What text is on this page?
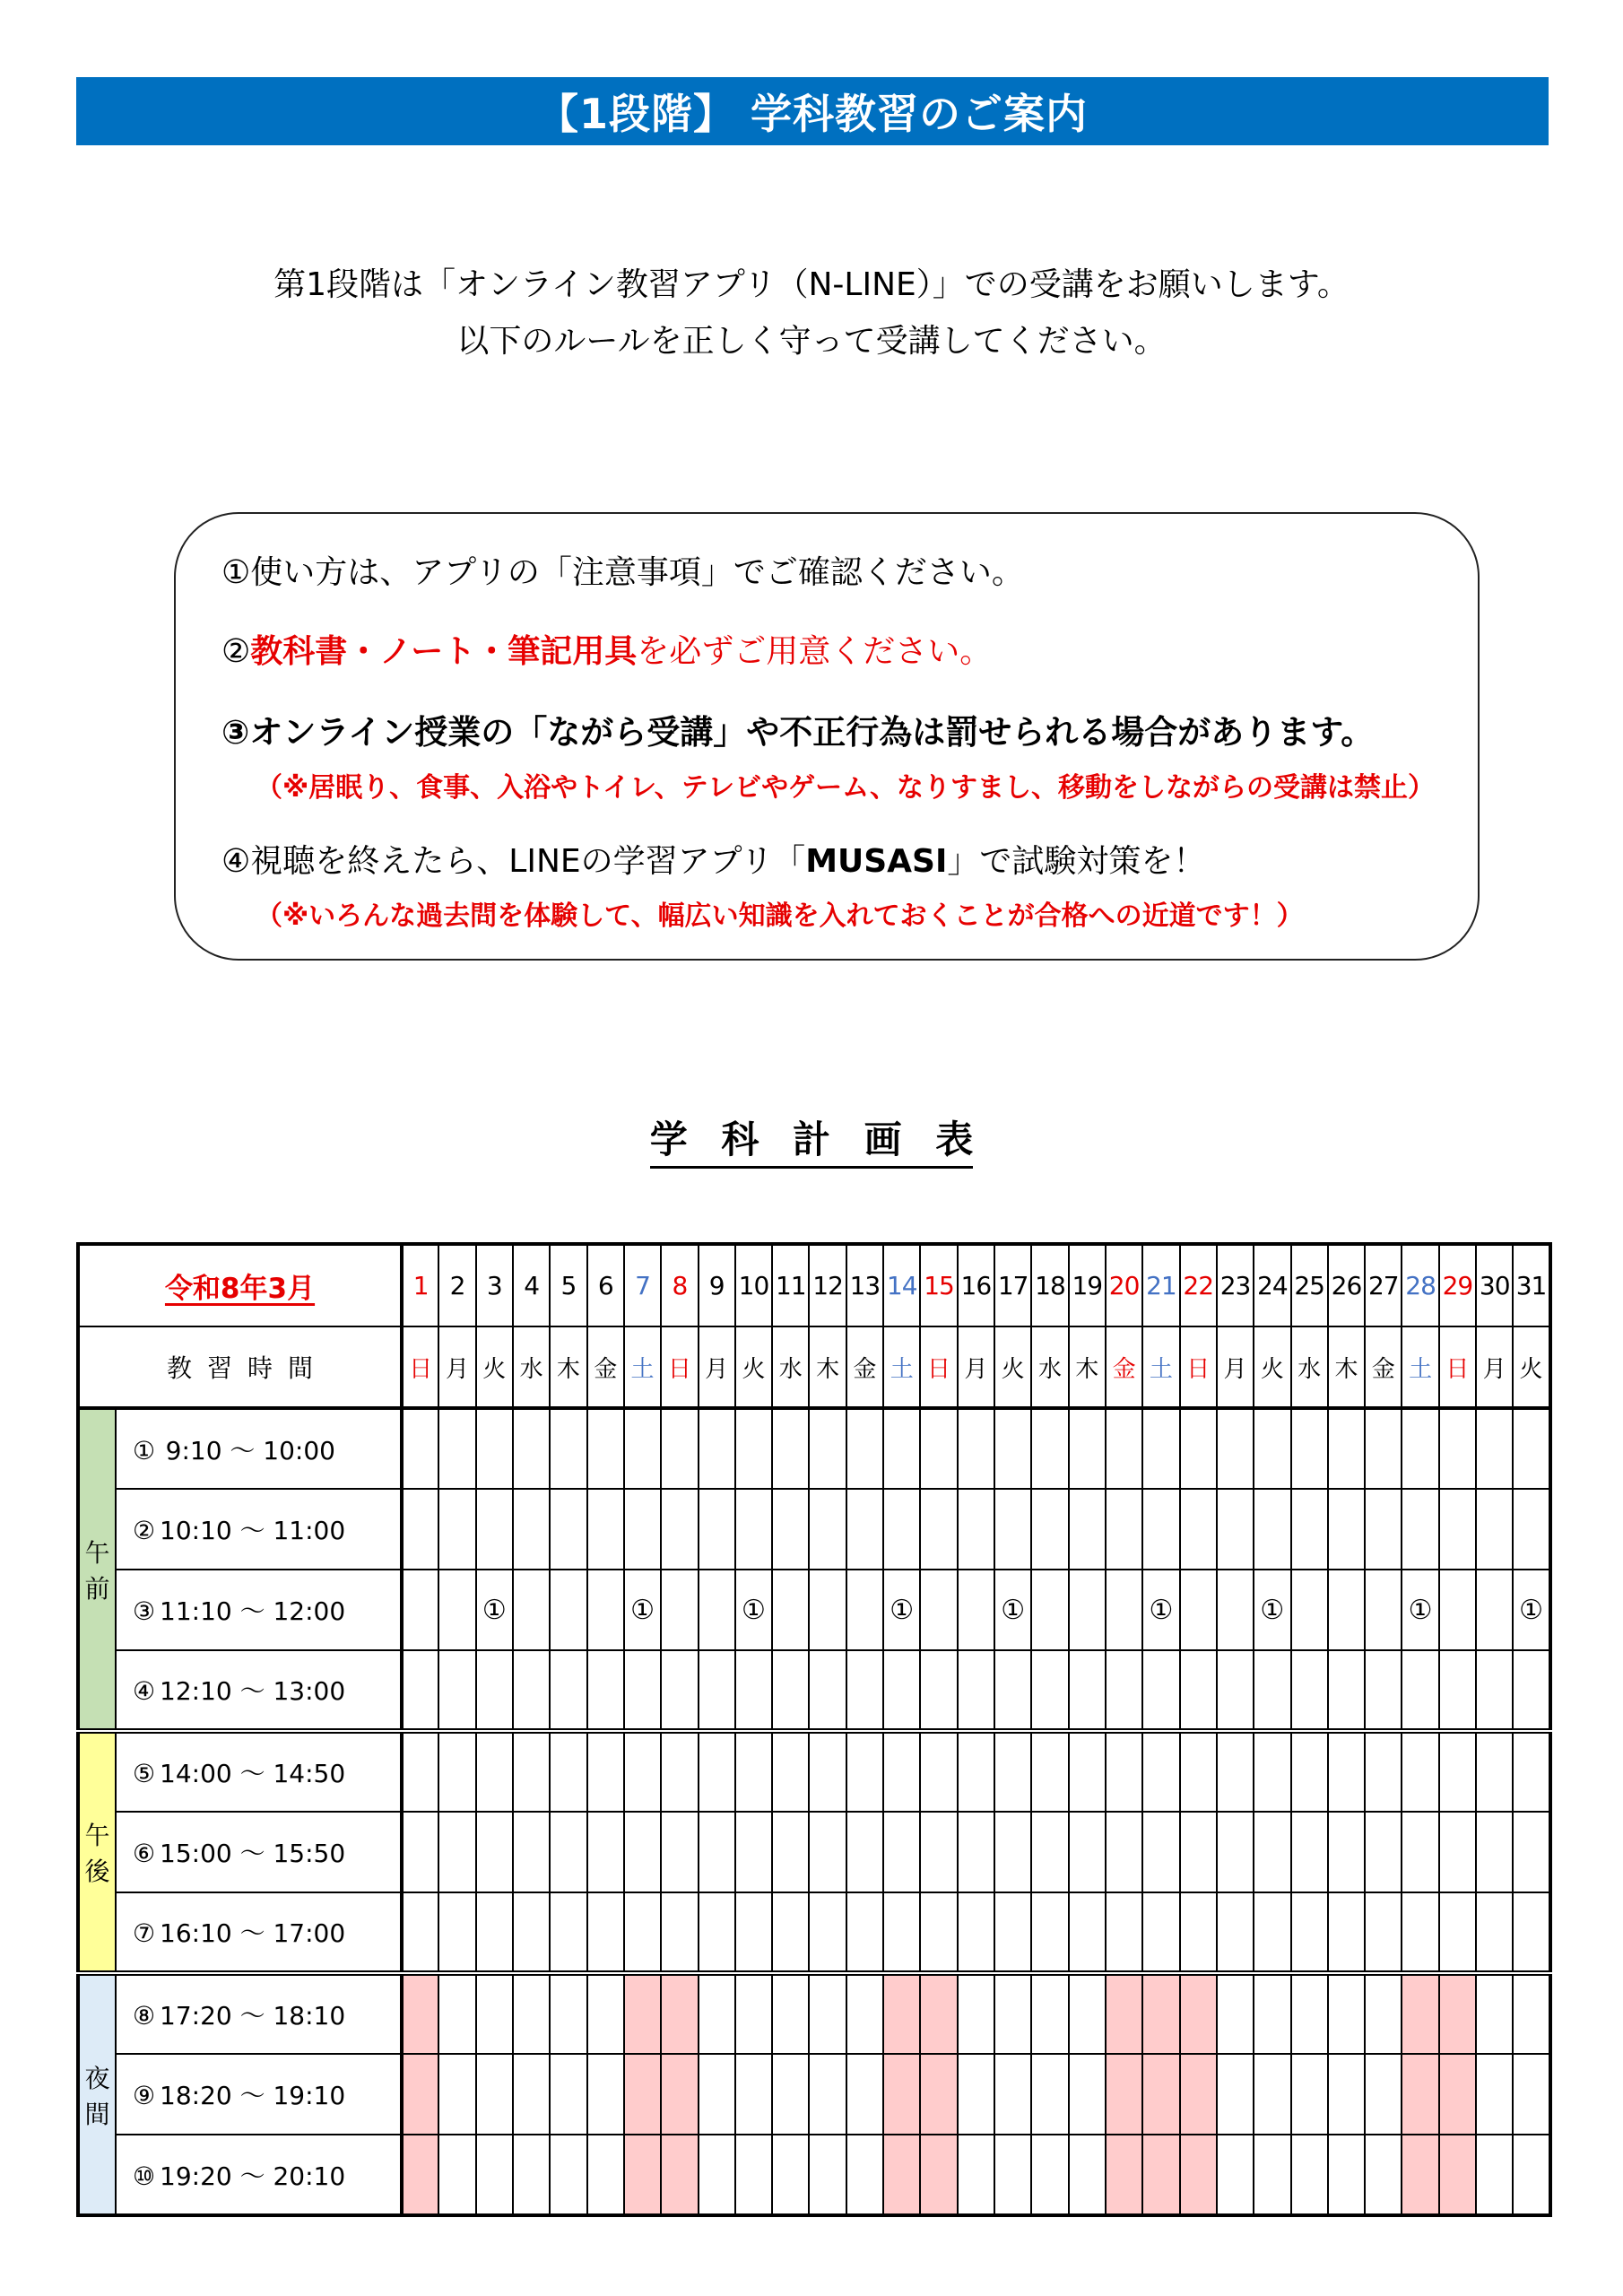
【1段階】 学科教習のご案内
第1段階は「オンライン教習アプリ（N-LINE）」での受講をお願いします。
以下のルールを正しく守って受講してください。
①使い方は、アプリの「注意事項」でご確認ください。
②教科書・ノート・筆記用具を必ずご用意ください。
③オンライン授業の「ながら受講」や不正行為は罰せられる場合があります。
（※居眠り、食事、入浴やトイレ、テレビやゲーム、なりすまし、移動をしながらの受講は禁止）
④視聴を終えたら、LINEの学習アプリ「MUSASI」で試験対策を！
（※いろんな過去問を体験して、幅広い知識を入れておくことが合格への近道です！）
学 科 計 画 表
令和8年3月		1	2	3	4	5	6	7	8	9	10	11	12	13	14	15	16	17	18	19	20	21	22	23	24	25	26	27	28	29	30	31
教習時間		日	月	火	水	木	金	土	日	月	火	水	木	金	土	日	月	火	水	木	金	土	日	月	火	水	木	金	土	日	月	火

午
前	① 9:10 ～ 10:00																															
	② 10:10 ～ 11:00																															
	③ 11:10 ～ 12:00			①				①			①				①			①				①			①				①			①
	④ 12:10 ～ 13:00																															

午
後	⑤ 14:00 ～ 14:50																															
	⑥ 15:00 ～ 15:50																															
	⑦ 16:10 ～ 17:00																															

夜
間	⑧ 17:20 ～ 18:10																															
	⑨ 18:20 ～ 19:10																															
	⑩ 19:20 ～ 20:10																															
